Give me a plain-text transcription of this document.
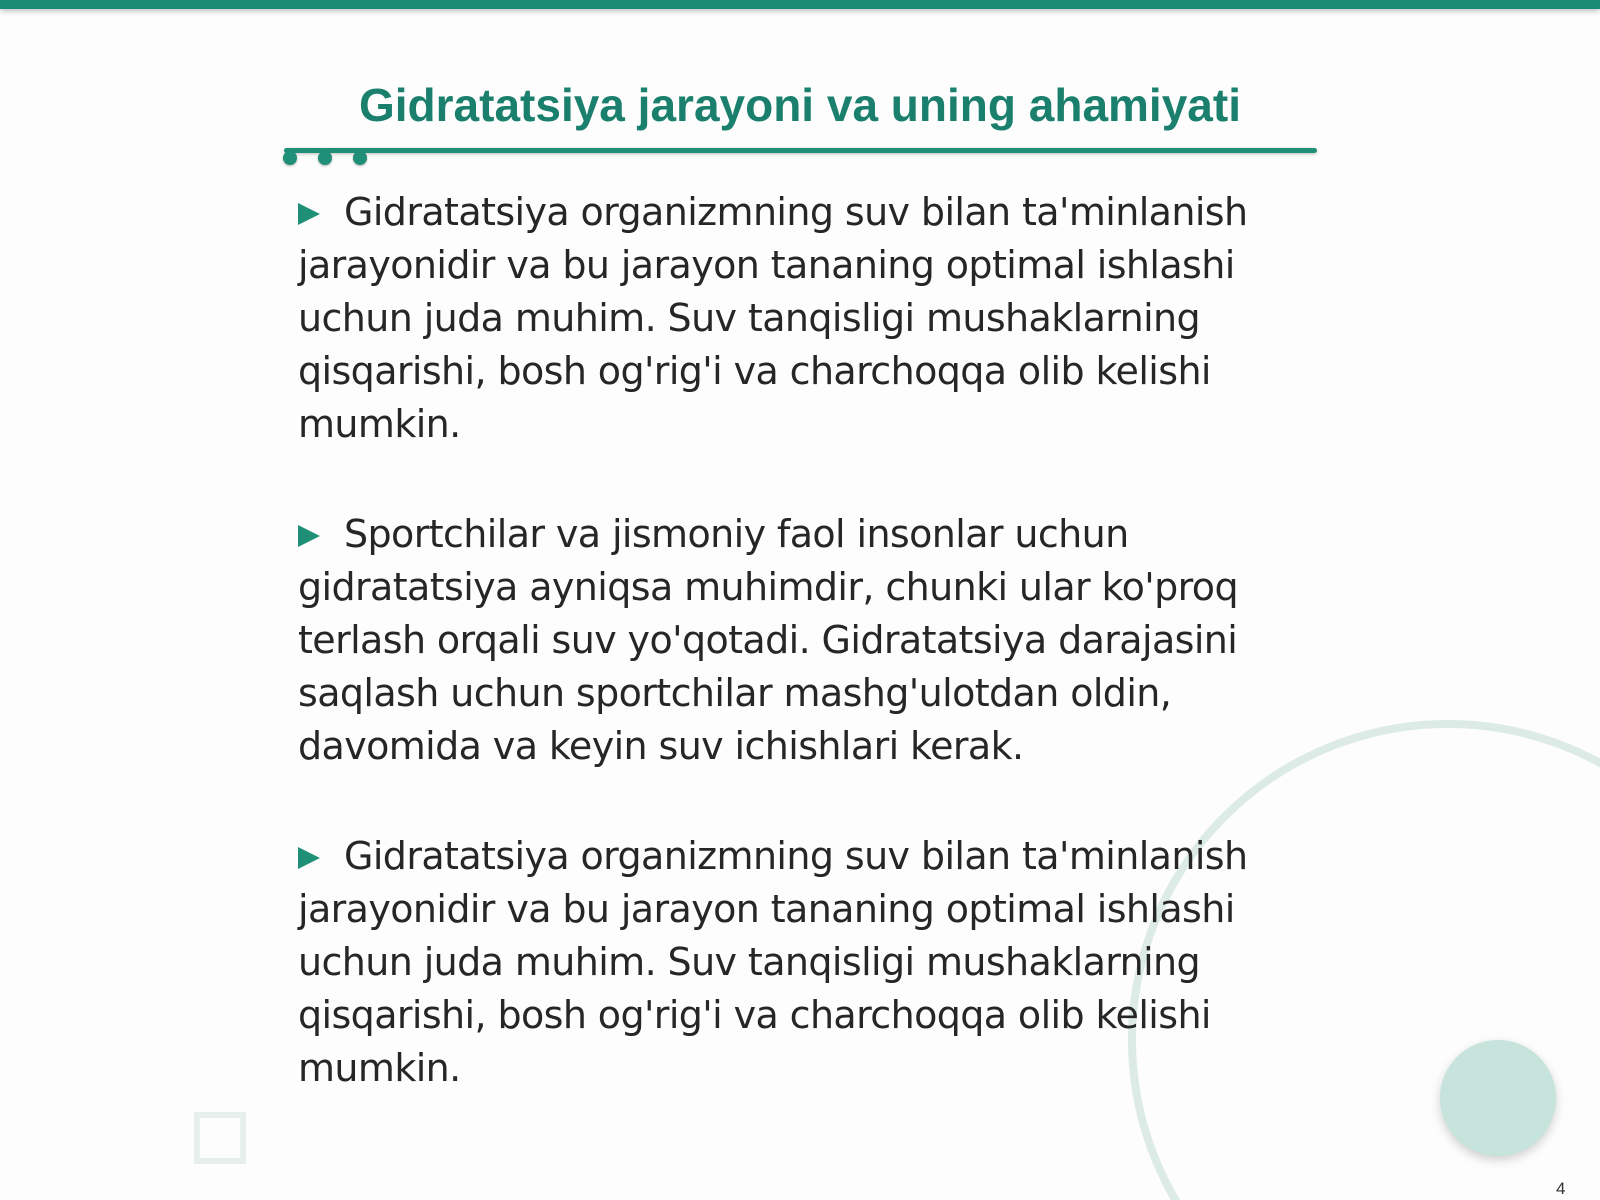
Gidratatsiya jarayoni va uning ahamiyati

Gidratatsiya organizmning suv bilan ta'minlanish jarayonidir va bu jarayon tananing optimal ishlashi uchun juda muhim. Suv tanqisligi mushaklarning qisqarishi, bosh og'rig'i va charchoqqa olib kelishi mumkin.

Sportchilar va jismoniy faol insonlar uchun gidratatsiya ayniqsa muhimdir, chunki ular ko'proq terlash orqali suv yo'qotadi. Gidratatsiya darajasini saqlash uchun sportchilar mashg'ulotdan oldin, davomida va keyin suv ichishlari kerak.

Gidratatsiya organizmning suv bilan ta'minlanish jarayonidir va bu jarayon tananing optimal ishlashi uchun juda muhim. Suv tanqisligi mushaklarning qisqarishi, bosh og'rig'i va charchoqqa olib kelishi mumkin.

4
